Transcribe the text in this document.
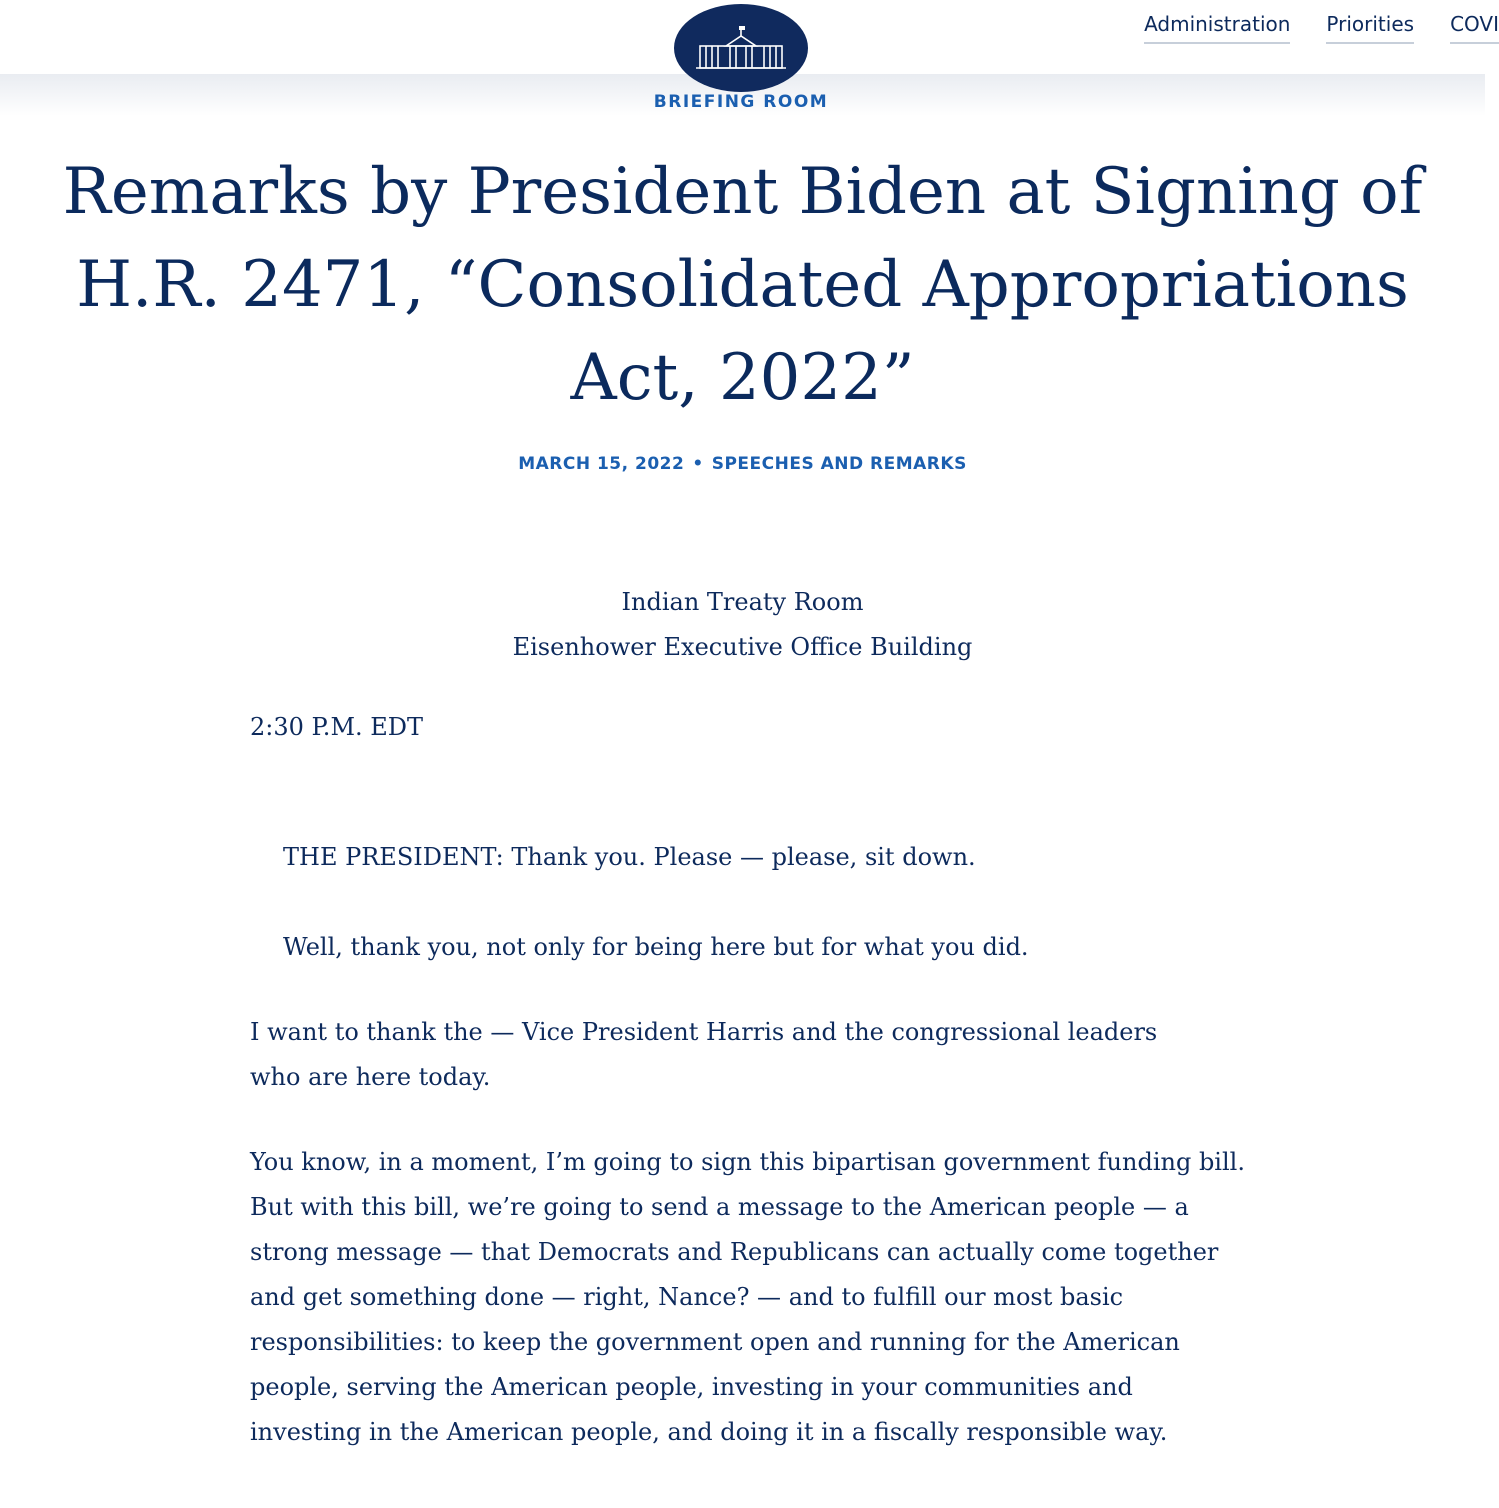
BRIEFING ROOM
Administration Priorities COVI
Remarks by President Biden at Signing of H.R. 2471, “Consolidated Appropriations Act, 2022”
MARCH 15, 2022 • SPEECHES AND REMARKS
Indian Treaty Room
Eisenhower Executive Office Building

2:30 P.M. EDT

THE PRESIDENT: Thank you. Please — please, sit down.

Well, thank you, not only for being here but for what you did.

I want to thank the — Vice President Harris and the congressional leaders who are here today.

You know, in a moment, I’m going to sign this bipartisan government funding bill. But with this bill, we’re going to send a message to the American people — a strong message — that Democrats and Republicans can actually come together and get something done — right, Nance? — and to fulfill our most basic responsibilities: to keep the government open and running for the American people, serving the American people, investing in your communities and investing in the American people, and doing it in a fiscally responsible way.
